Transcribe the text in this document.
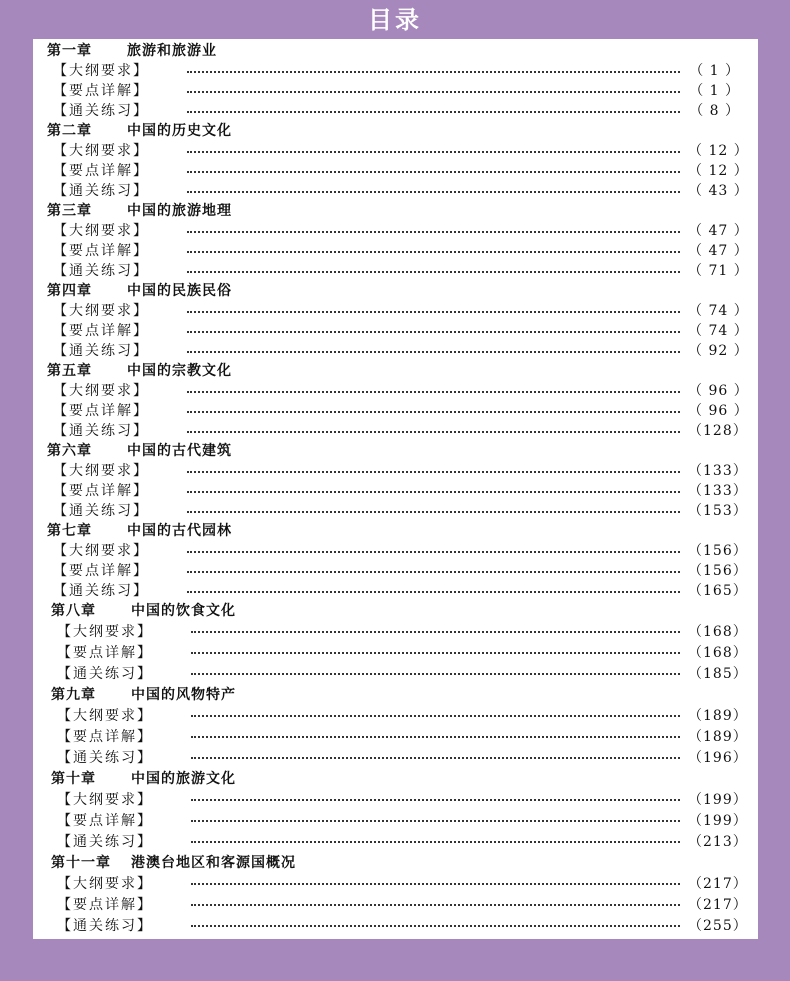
目录
第一章	旅游和旅游业
【大纲要求】	（ 1 ）
【要点详解】	（ 1 ）
【通关练习】	（ 8 ）
第二章	中国的历史文化
【大纲要求】	（ 12 ）
【要点详解】	（ 12 ）
【通关练习】	（ 43 ）
第三章	中国的旅游地理
【大纲要求】	（ 47 ）
【要点详解】	（ 47 ）
【通关练习】	（ 71 ）
第四章	中国的民族民俗
【大纲要求】	（ 74 ）
【要点详解】	（ 74 ）
【通关练习】	（ 92 ）
第五章	中国的宗教文化
【大纲要求】	（ 96 ）
【要点详解】	（ 96 ）
【通关练习】	（128）
第六章	中国的古代建筑
【大纲要求】	（133）
【要点详解】	（133）
【通关练习】	（153）
第七章	中国的古代园林
【大纲要求】	（156）
【要点详解】	（156）
【通关练习】	（165）
第八章	中国的饮食文化
【大纲要求】	（168）
【要点详解】	（168）
【通关练习】	（185）
第九章	中国的风物特产
【大纲要求】	（189）
【要点详解】	（189）
【通关练习】	（196）
第十章	中国的旅游文化
【大纲要求】	（199）
【要点详解】	（199）
【通关练习】	（213）
第十一章	港澳台地区和客源国概况
【大纲要求】	（217）
【要点详解】	（217）
【通关练习】	（255）
